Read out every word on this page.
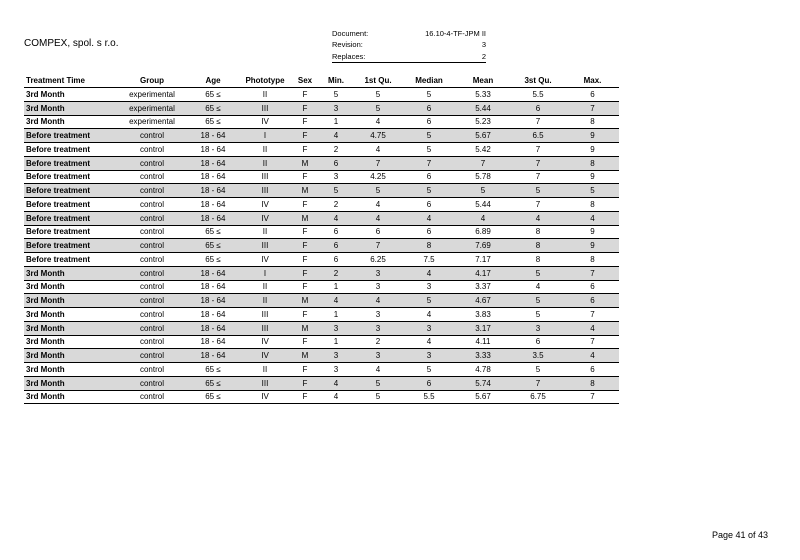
COMPEX, spol. s r.o.
Document:	16.10-4-TF-JPM II
Revision:	3
Replaces:	2
Treatment Time	Group	Age	Phototype	Sex	Min.	1st Qu.	Median	Mean	3st Qu.	Max.
3rd Month	experimental	65 ≤	II	F	5	5	5	5.33	5.5	6
3rd Month	experimental	65 ≤	III	F	3	5	6	5.44	6	7
3rd Month	experimental	65 ≤	IV	F	1	4	6	5.23	7	8
Before treatment	control	18 - 64	I	F	4	4.75	5	5.67	6.5	9
Before treatment	control	18 - 64	II	F	2	4	5	5.42	7	9
Before treatment	control	18 - 64	II	M	6	7	7	7	7	8
Before treatment	control	18 - 64	III	F	3	4.25	6	5.78	7	9
Before treatment	control	18 - 64	III	M	5	5	5	5	5	5
Before treatment	control	18 - 64	IV	F	2	4	6	5.44	7	8
Before treatment	control	18 - 64	IV	M	4	4	4	4	4	4
Before treatment	control	65 ≤	II	F	6	6	6	6.89	8	9
Before treatment	control	65 ≤	III	F	6	7	8	7.69	8	9
Before treatment	control	65 ≤	IV	F	6	6.25	7.5	7.17	8	8
3rd Month	control	18 - 64	I	F	2	3	4	4.17	5	7
3rd Month	control	18 - 64	II	F	1	3	3	3.37	4	6
3rd Month	control	18 - 64	II	M	4	4	5	4.67	5	6
3rd Month	control	18 - 64	III	F	1	3	4	3.83	5	7
3rd Month	control	18 - 64	III	M	3	3	3	3.17	3	4
3rd Month	control	18 - 64	IV	F	1	2	4	4.11	6	7
3rd Month	control	18 - 64	IV	M	3	3	3	3.33	3.5	4
3rd Month	control	65 ≤	II	F	3	4	5	4.78	5	6
3rd Month	control	65 ≤	III	F	4	5	6	5.74	7	8
3rd Month	control	65 ≤	IV	F	4	5	5.5	5.67	6.75	7
Page 41 of 43
